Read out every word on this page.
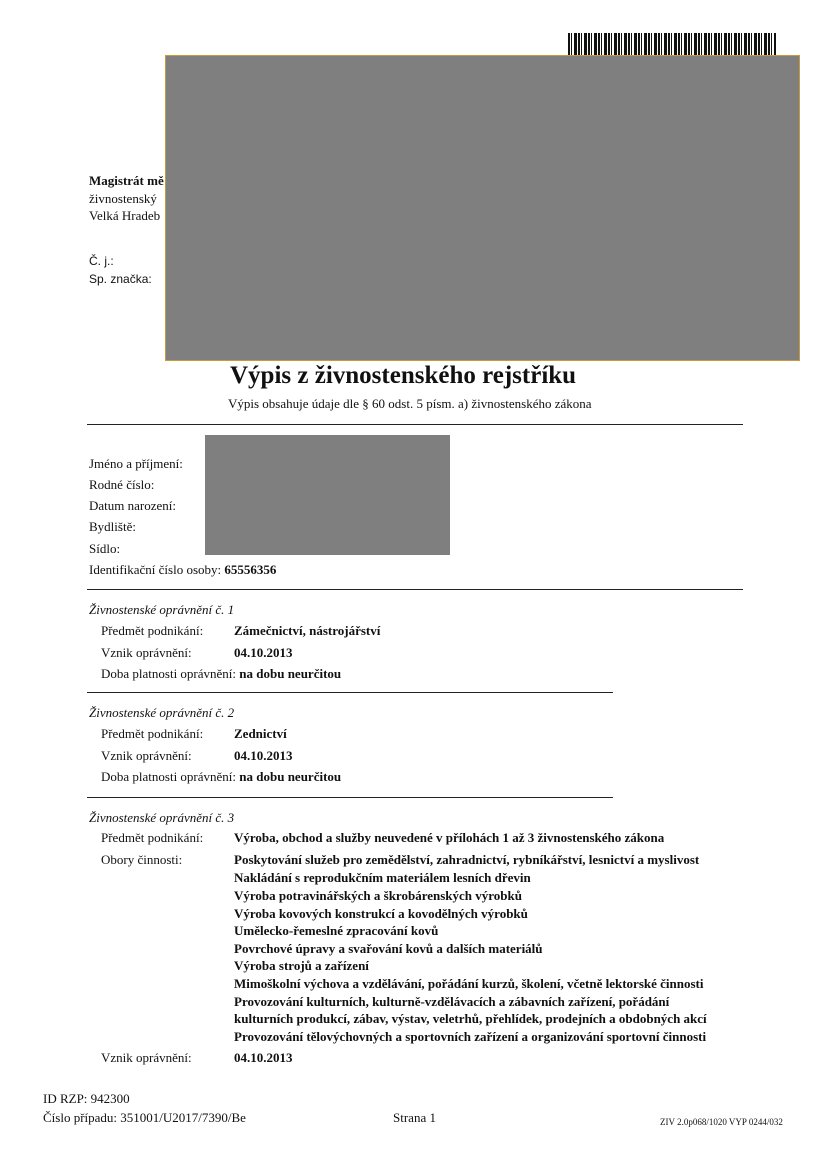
Magistrát mě
živnostenský
Velká Hradeb
Č. j.:
Sp. značka:
Výpis z živnostenského rejstříku
Výpis obsahuje údaje dle § 60 odst. 5 písm. a) živnostenského zákona
Jméno a příjmení:
Rodné číslo:
Datum narození:
Bydliště:
Sídlo:
Identifikační číslo osoby: 65556356
Živnostenské oprávnění č. 1
Předmět podnikání: Zámečnictví, nástrojářství
Vznik oprávnění:	04.10.2013
Doba platnosti oprávnění: na dobu neurčitou
Živnostenské oprávnění č. 2
Předmět podnikání: Zednictví
Vznik oprávnění:	04.10.2013
Doba platnosti oprávnění: na dobu neurčitou
Živnostenské oprávnění č. 3
Předmět podnikání: Výroba, obchod a služby neuvedené v přílohách 1 až 3 živnostenského zákona
Obory činnosti:	Poskytování služeb pro zemědělství, zahradnictví, rybníkářství, lesnictví a myslivost
Nakládání s reprodukčním materiálem lesních dřevin
Výroba potravinářských a škrobárenských výrobků
Výroba kovových konstrukcí a kovodělných výrobků
Umělecko-řemeslné zpracování kovů
Povrchové úpravy a svařování kovů a dalších materiálů
Výroba strojů a zařízení
Mimoškolní výchova a vzdělávání, pořádání kurzů, školení, včetně lektorské činnosti
Provozování kulturních, kulturně-vzdělávacích a zábavních zařízení, pořádání
kulturních produkcí, zábav, výstav, veletrhů, přehlídek, prodejních a obdobných akcí
Provozování tělovýchovných a sportovních zařízení a organizování sportovní činnosti
Vznik oprávnění:	04.10.2013
ID RZP: 942300
Číslo případu: 351001/U2017/7390/Be	Strana 1	ZIV 2.0p068/1020 VYP 0244/032
